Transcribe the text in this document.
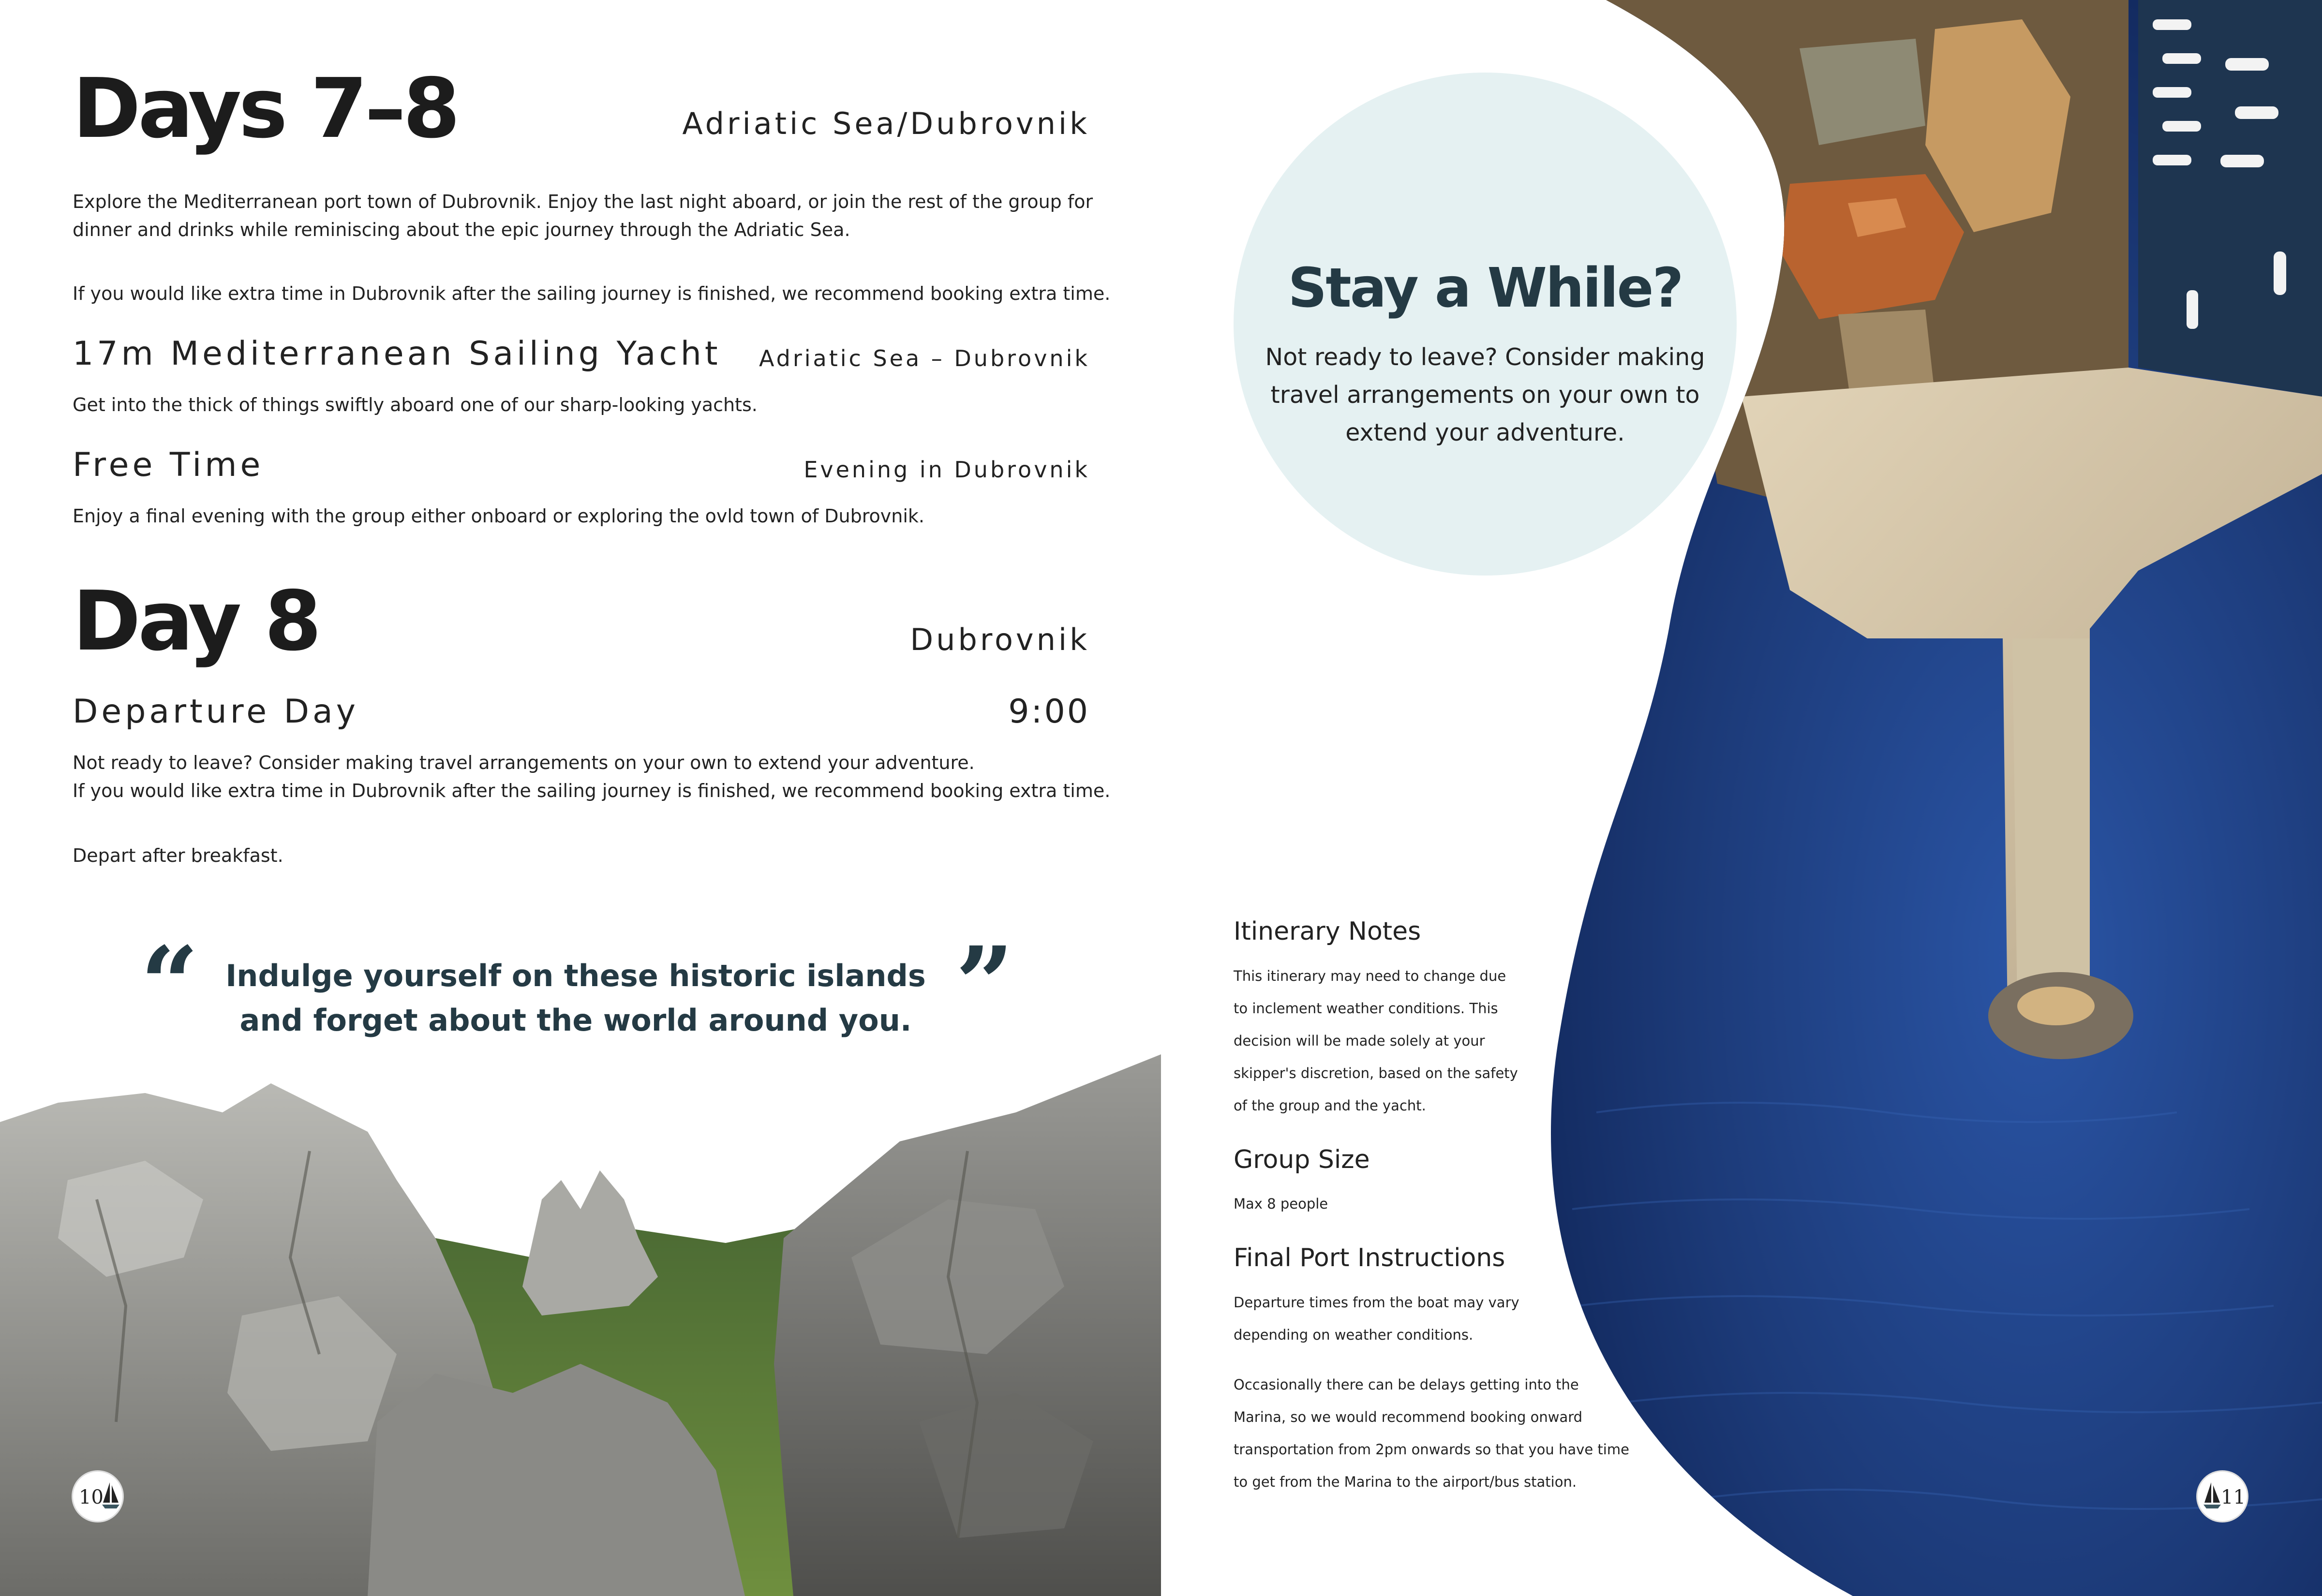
Days 7–8	Adriatic Sea/Dubrovnik
Explore the Mediterranean port town of Dubrovnik. Enjoy the last night aboard, or join the rest of the group for dinner and drinks while reminiscing about the epic journey through the Adriatic Sea.
If you would like extra time in Dubrovnik after the sailing journey is finished, we recommend booking extra time.
17m Mediterranean Sailing Yacht Adriatic Sea – Dubrovnik
Get into the thick of things swiftly aboard one of our sharp-looking yachts.
Free Time	Evening in Dubrovnik
Enjoy a final evening with the group either onboard or exploring the ovld town of Dubrovnik.
Day 8	Dubrovnik
Departure Day	9:00
Not ready to leave? Consider making travel arrangements on your own to extend your adventure.
If you would like extra time in Dubrovnik after the sailing journey is finished, we recommend booking extra time.
Depart after breakfast.
“	”
Indulge yourself on these historic islands
and forget about the world around you.
10
Stay a While?
Not ready to leave? Consider making travel arrangements on your own to extend your adventure.
Itinerary Notes
This itinerary may need to change due to inclement weather conditions. This decision will be made solely at your skipper's discretion, based on the safety of the group and the yacht.
Group Size
Max 8 people
Final Port Instructions
Departure times from the boat may vary depending on weather conditions.
Occasionally there can be delays getting into the Marina, so we would recommend booking onward transportation from 2pm onwards so that you have time to get from the Marina to the airport/bus station.
11
